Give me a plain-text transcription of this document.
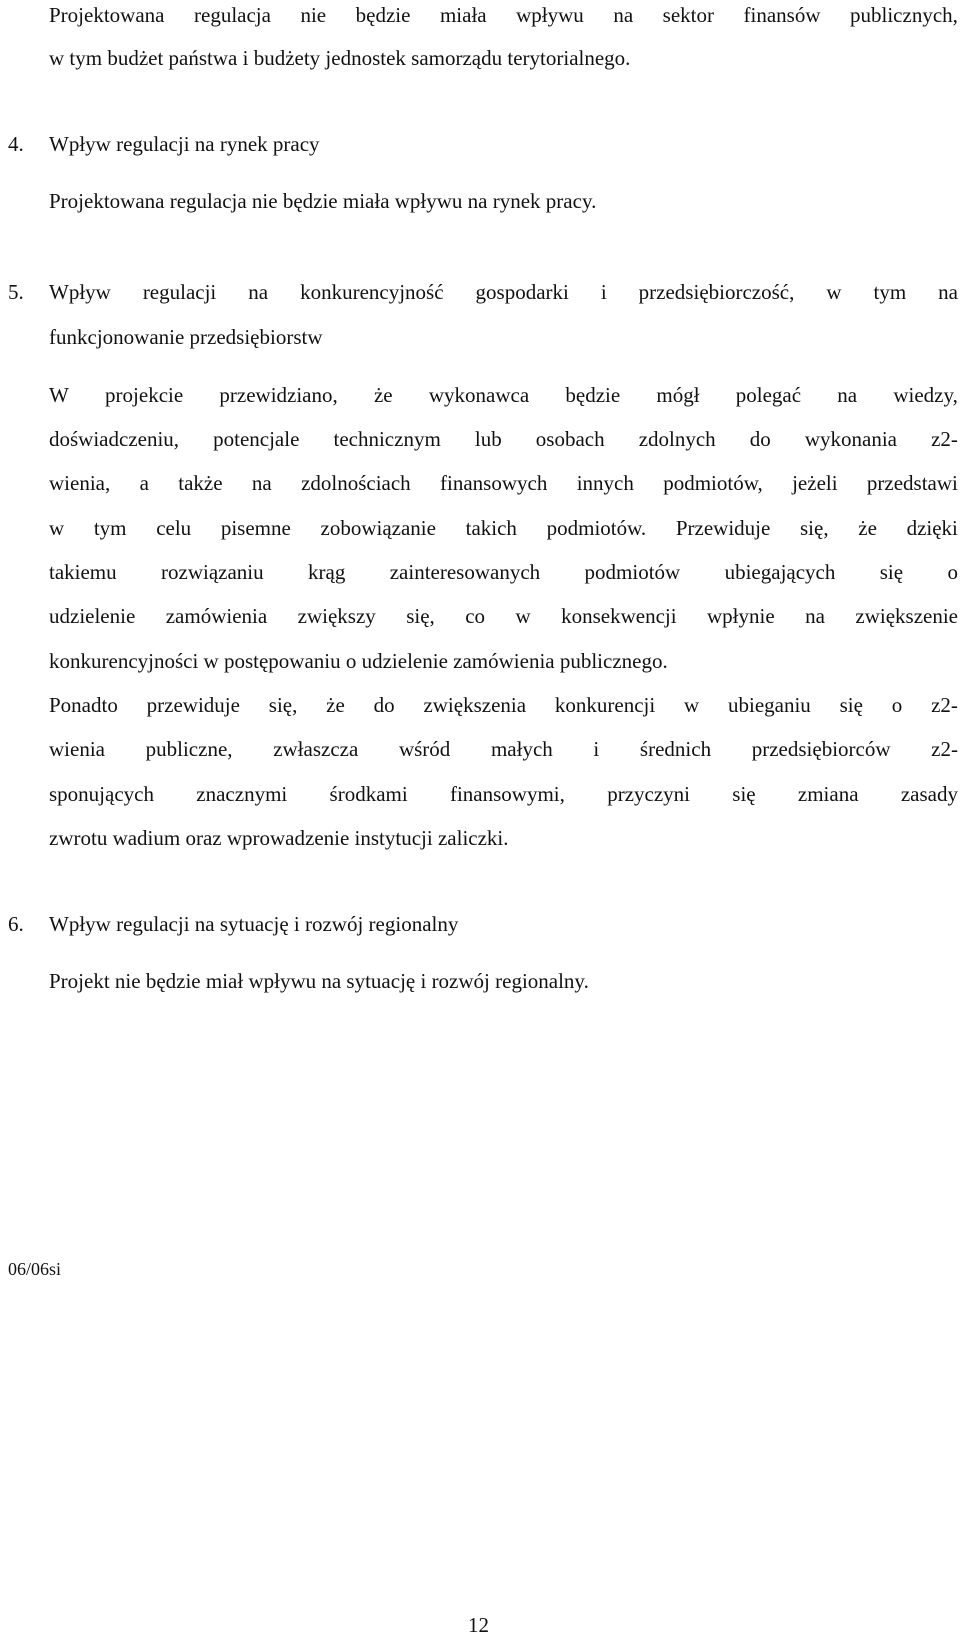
Projektowana regulacja nie będzie miała wpływu na sektor finansów publicznych,
w tym budżet państwa i budżety jednostek samorządu terytorialnego.
4. Wpływ regulacji na rynek pracy
Projektowana regulacja nie będzie miała wpływu na rynek pracy.
5. Wpływ regulacji na konkurencyjność gospodarki i przedsiębiorczość, w tym na
funkcjonowanie przedsiębiorstw
W projekcie przewidziano, że wykonawca będzie mógł polegać na wiedzy,
doświadczeniu, potencjale technicznym lub osobach zdolnych do wykonania z2-
wienia, a także na zdolnościach finansowych innych podmiotów, jeżeli przedstawi
w tym celu pisemne zobowiązanie takich podmiotów. Przewiduje się, że dzięki
takiemu rozwiązaniu krąg zainteresowanych podmiotów ubiegających się o
udzielenie zamówienia zwiększy się, co w konsekwencji wpłynie na zwiększenie
konkurencyjności w postępowaniu o udzielenie zamówienia publicznego.
Ponadto przewiduje się, że do zwiększenia konkurencji w ubieganiu się o z2-
wienia publiczne, zwłaszcza wśród małych i średnich przedsiębiorców z2-
sponujących znacznymi środkami finansowymi, przyczyni się zmiana zasady
zwrotu wadium oraz wprowadzenie instytucji zaliczki.
6. Wpływ regulacji na sytuację i rozwój regionalny
Projekt nie będzie miał wpływu na sytuację i rozwój regionalny.
06/06si
12
